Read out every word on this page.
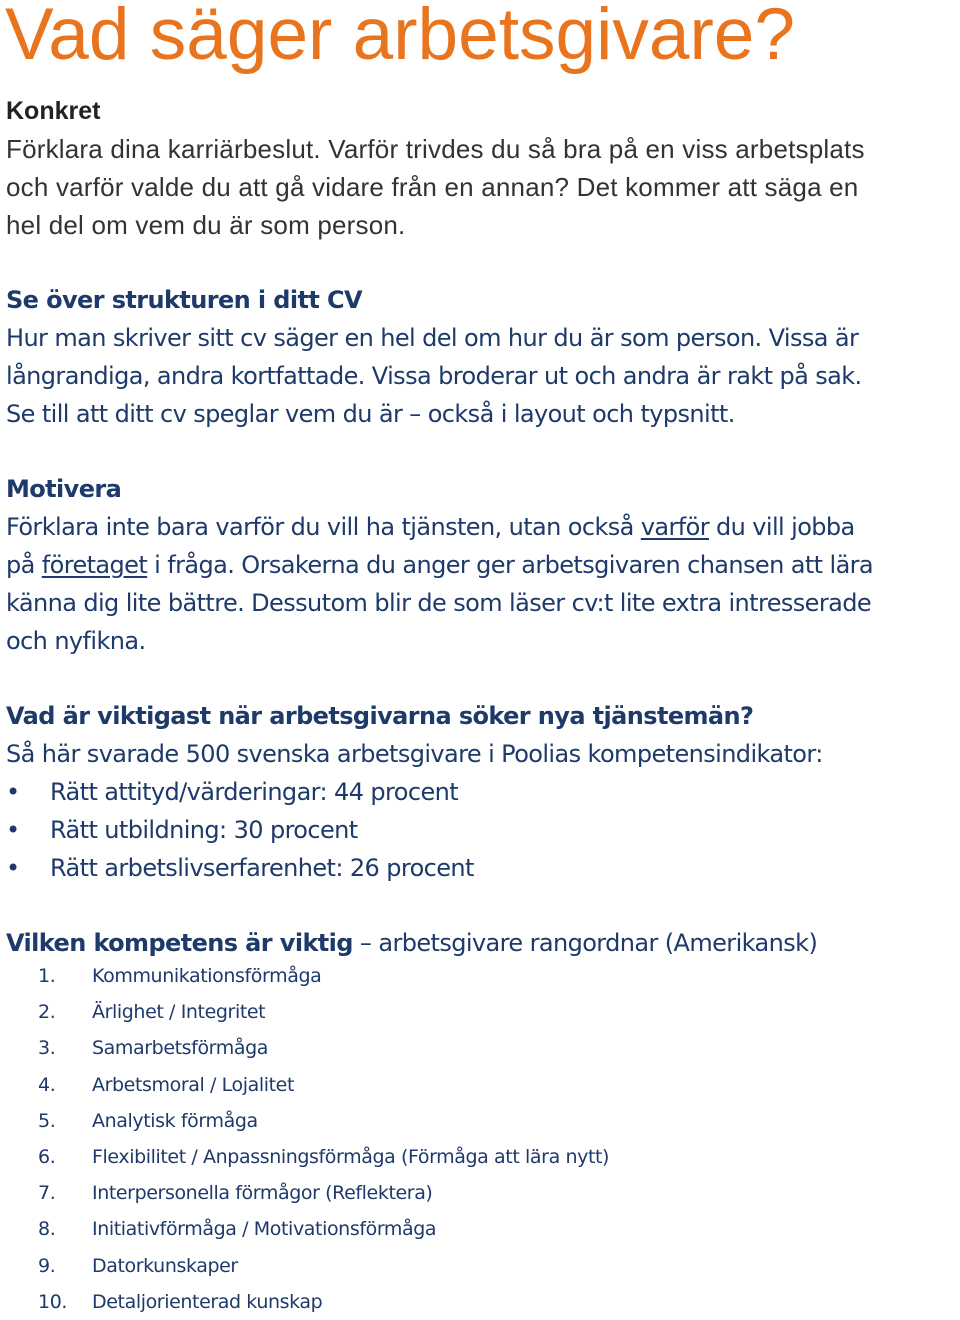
Vad säger arbetsgivare?
Konkret
Förklara dina karriärbeslut. Varför trivdes du så bra på en viss arbetsplats
och varför valde du att gå vidare från en annan? Det kommer att säga en
hel del om vem du är som person.
Se över strukturen i ditt CV
Hur man skriver sitt cv säger en hel del om hur du är som person. Vissa är
långrandiga, andra kortfattade. Vissa broderar ut och andra är rakt på sak.
Se till att ditt cv speglar vem du är – också i layout och typsnitt.
Motivera
Förklara inte bara varför du vill ha tjänsten, utan också varför du vill jobba
på företaget i fråga. Orsakerna du anger ger arbetsgivaren chansen att lära
känna dig lite bättre. Dessutom blir de som läser cv:t lite extra intresserade
och nyfikna.
Vad är viktigast när arbetsgivarna söker nya tjänstemän?
Så här svarade 500 svenska arbetsgivare i Poolias kompetensindikator:
• Rätt attityd/värderingar: 44 procent
• Rätt utbildning: 30 procent
• Rätt arbetslivserfarenhet: 26 procent
Vilken kompetens är viktig – arbetsgivare rangordnar (Amerikansk)
1. Kommunikationsförmåga
2. Ärlighet / Integritet
3. Samarbetsförmåga
4. Arbetsmoral / Lojalitet
5. Analytisk förmåga
6. Flexibilitet / Anpassningsförmåga (Förmåga att lära nytt)
7. Interpersonella förmågor (Reflektera)
8. Initiativförmåga / Motivationsförmåga
9. Datorkunskaper
10. Detaljorienterad kunskap
